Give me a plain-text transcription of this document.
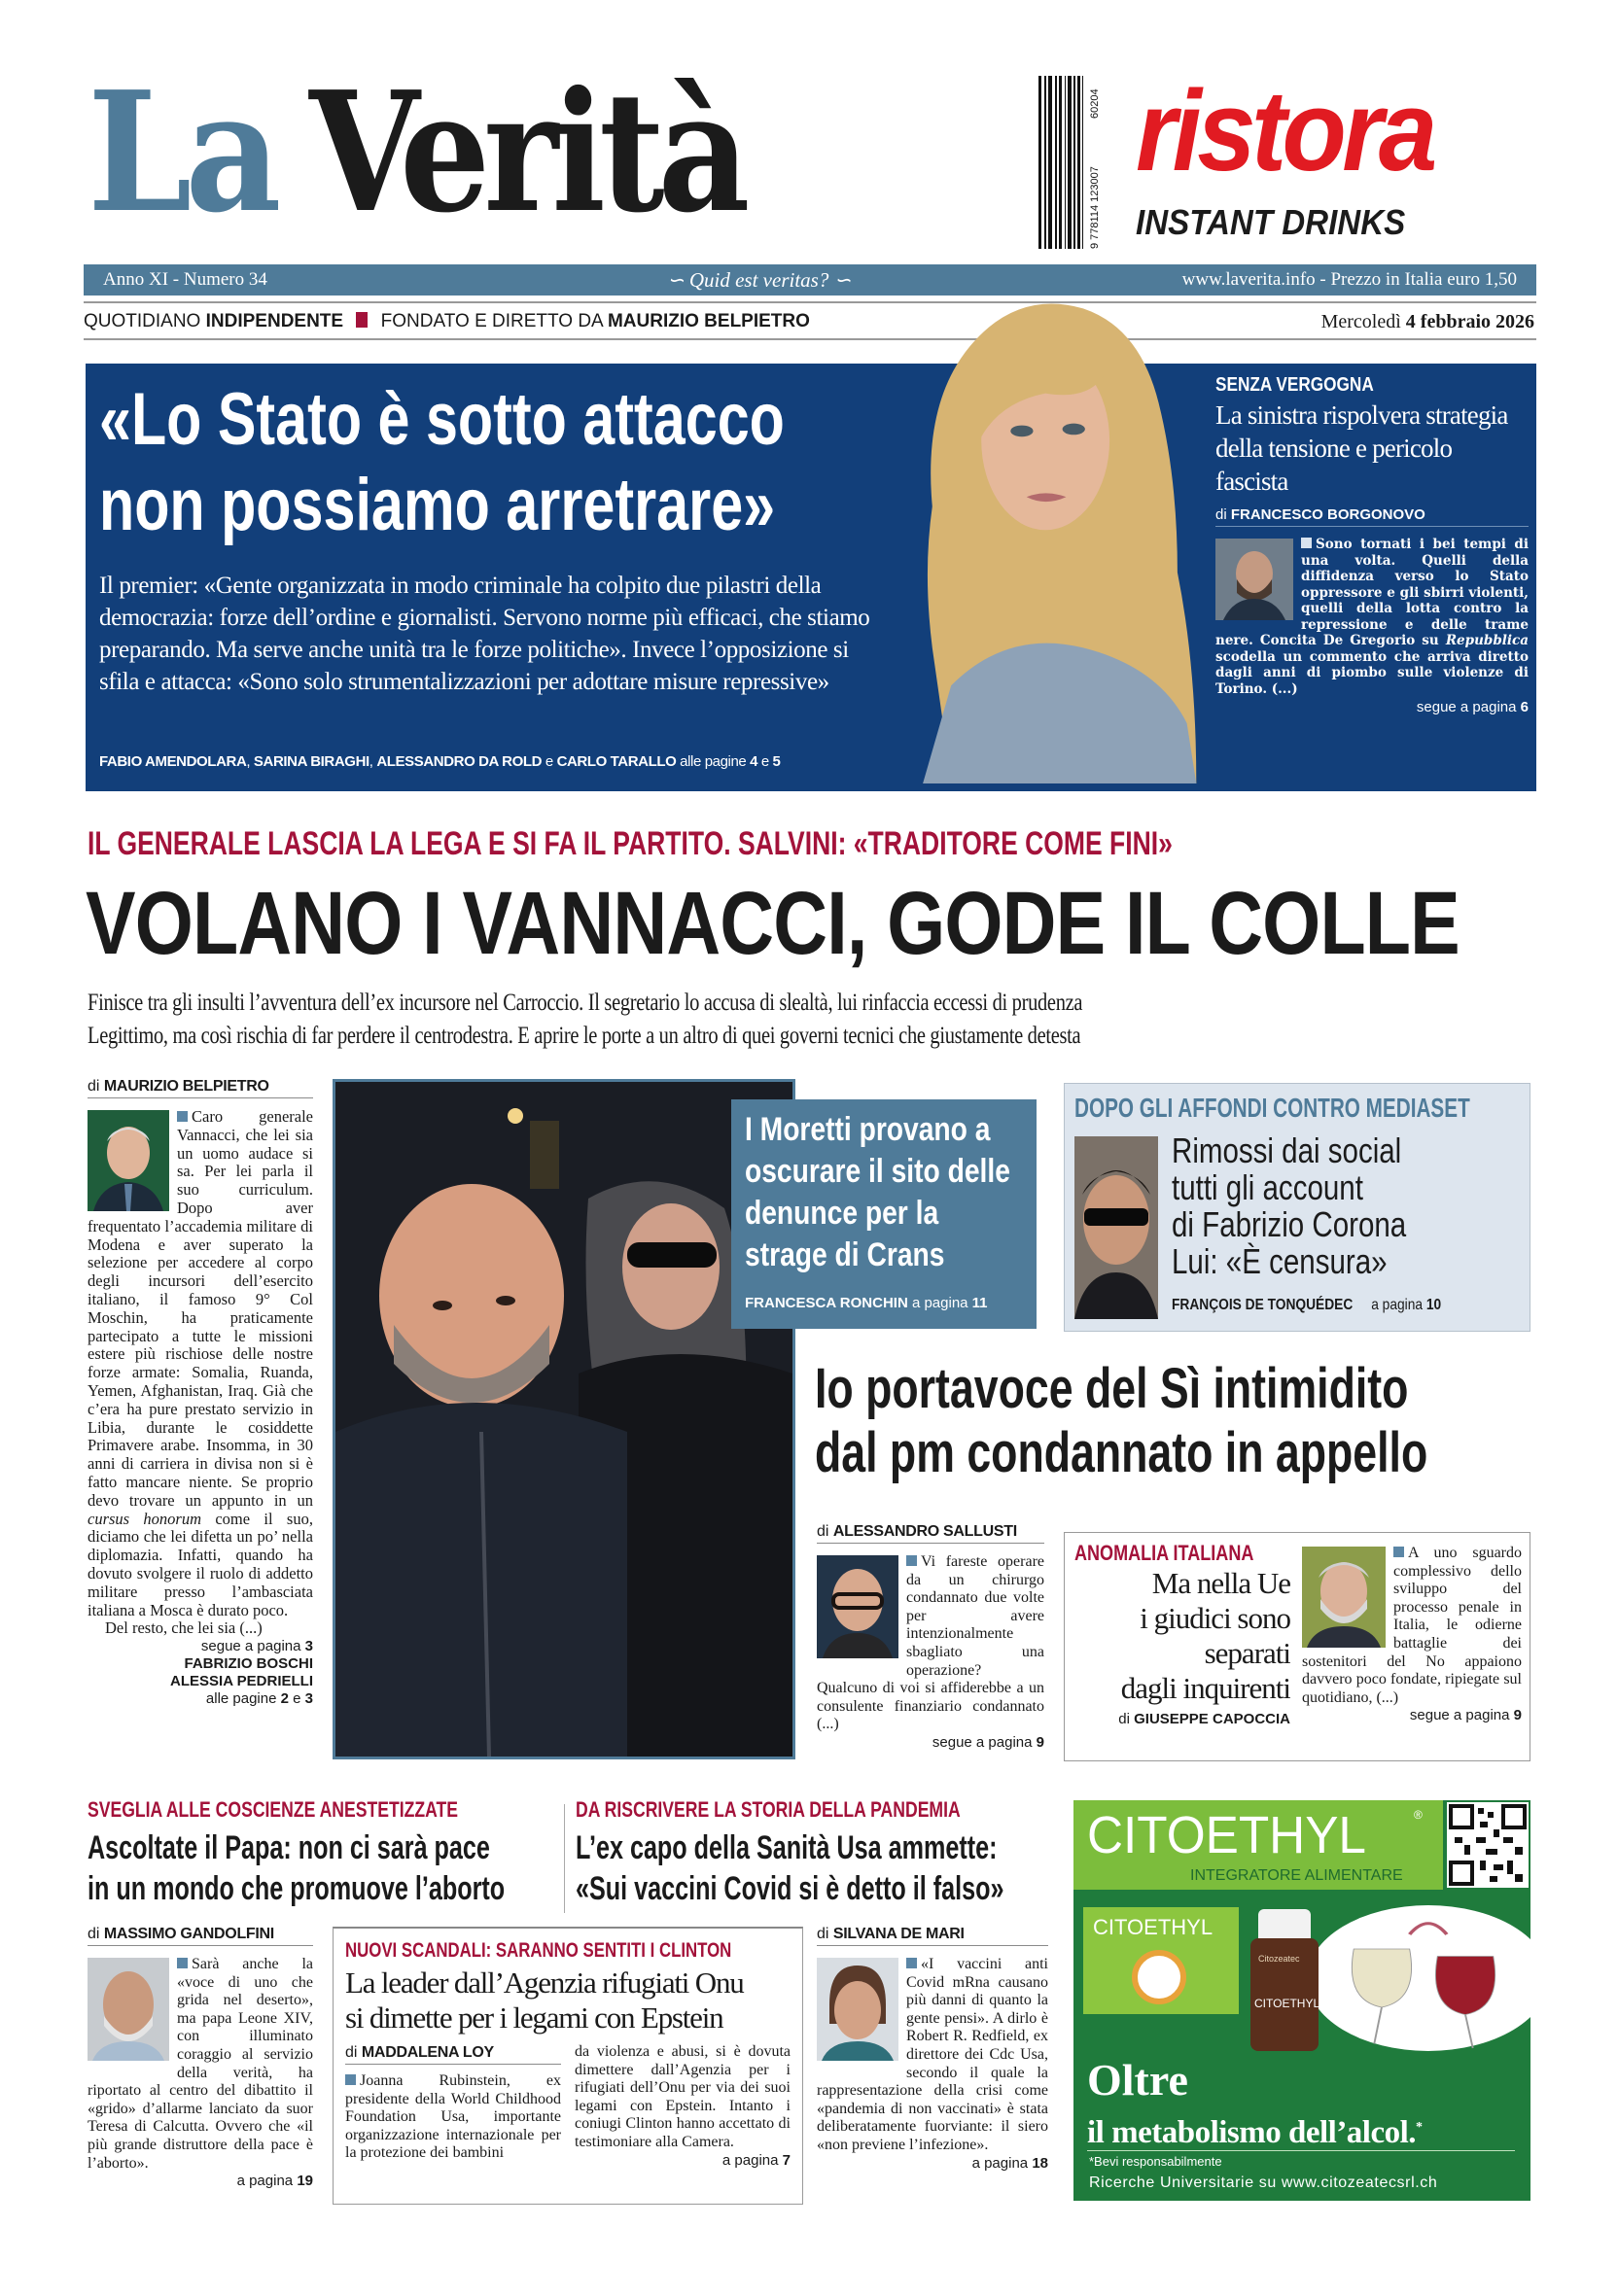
La Verità	9 778114 123007
60204 ristora
INSTANT DRINKS
Anno XI - Numero 34	∽ Quid est veritas? ∽	www.laverita.info - Prezzo in Italia euro 1,50
QUOTIDIANO INDIPENDENTE FONDATO E DIRETTO DA MAURIZIO BELPIETRO	Mercoledì 4 febbraio 2026
«Lo Stato è sotto attacco
non possiamo arretrare»
Il premier: «Gente organizzata in modo criminale ha colpito due pilastri della democrazia: forze dell’ordine e giornalisti. Servono norme più efficaci, che stiamo preparando. Ma serve anche unità tra le forze politiche». Invece l’opposizione si sfila e attacca: «Sono solo strumentalizzazioni per adottare misure repressive»
FABIO AMENDOLARA, SARINA BIRAGHI, ALESSANDRO DA ROLD e CARLO TARALLO alle pagine 4 e 5
SENZA VERGOGNA
La sinistra rispolvera strategia della tensione e pericolo fascista
di FRANCESCO BORGONOVO
Sono tornati i bei tempi di una volta. Quelli della diffidenza verso lo Stato oppressore e gli sbirri violenti, quelli della lotta contro la repressione e delle trame nere. Concita De Gregorio su Repubblica scodella un commento che arriva diretto dagli anni di piombo sulle violenze di Torino. (...)
segue a pagina 6
IL GENERALE LASCIA LA LEGA E SI FA IL PARTITO. SALVINI: «TRADITORE COME FINI»
VOLANO I VANNACCI, GODE IL COLLE
Finisce tra gli insulti l’avventura dell’ex incursore nel Carroccio. Il segretario lo accusa di slealtà, lui rinfaccia eccessi di prudenza
Legittimo, ma così rischia di far perdere il centrodestra. E aprire le porte a un altro di quei governi tecnici che giustamente detesta
di MAURIZIO BELPIETRO
Caro generale Vannacci, che lei sia un uomo audace si sa. Per lei parla il suo curriculum. Dopo aver frequentato l’accademia militare di Modena e aver superato la selezione per accedere al corpo degli incursori dell’esercito italiano, il famoso 9° Col Moschin, ha praticamente partecipato a tutte le missioni estere più rischiose delle nostre forze armate: Somalia, Ruanda, Yemen, Afghanistan, Iraq. Già che c’era ha pure prestato servizio in Libia, durante le cosiddette Primavere arabe. Insomma, in 30 anni di carriera in divisa non si è fatto mancare niente. Se proprio devo trovare un appunto in un cursus honorum come il suo, diciamo che lei difetta un po’ nella diplomazia. Infatti, quando ha dovuto svolgere il ruolo di addetto militare presso l’ambasciata italiana a Mosca è durato poco.
Del resto, che lei sia (...)
segue a pagina 3
FABRIZIO BOSCHI
ALESSIA PEDRIELLI
alle pagine 2 e 3
I Moretti provano a oscurare il sito delle denunce per la strage di Crans
FRANCESCA RONCHIN a pagina 11
DOPO GLI AFFONDI CONTRO MEDIASET
Rimossi dai social
tutti gli account
di Fabrizio Corona
Lui: «È censura»
FRANÇOIS DE TONQUÉDEC a pagina 10
Io portavoce del Sì intimidito
dal pm condannato in appello
di ALESSANDRO SALLUSTI
Vi fareste operare da un chirurgo condannato due volte per avere intenzionalmente sbagliato una operazione? Qualcuno di voi si affiderebbe a un consulente finanziario condannato (...)
segue a pagina 9
ANOMALIA ITALIANA
Ma nella Ue
i giudici sono
separati
dagli inquirenti
di GIUSEPPE CAPOCCIA
A uno sguardo complessivo dello sviluppo del processo penale in Italia, le odierne battaglie dei sostenitori del No appaiono davvero poco fondate, ripiegate sul quotidiano, (...)
segue a pagina 9
SVEGLIA ALLE COSCIENZE ANESTETIZZATE
Ascoltate il Papa: non ci sarà pace
in un mondo che promuove l’aborto
DA RISCRIVERE LA STORIA DELLA PANDEMIA
L’ex capo della Sanità Usa ammette:
«Sui vaccini Covid si è detto il falso»
di MASSIMO GANDOLFINI
Sarà anche la «voce di uno che grida nel deserto», ma papa Leone XIV, con illuminato coraggio al servizio della verità, ha riportato al centro del dibattito il «grido» d’allarme lanciato da suor Teresa di Calcutta. Ovvero che «il più grande distruttore della pace è l’aborto».
a pagina 19
NUOVI SCANDALI: SARANNO SENTITI I CLINTON
La leader dall’Agenzia rifugiati Onu
si dimette per i legami con Epstein
di MADDALENA LOY
Joanna Rubinstein, ex presidente della World Childhood Foundation Usa, importante organizzazione internazionale per la protezione dei bambini
da violenza e abusi, si è dovuta dimettere dall’Agenzia per i rifugiati dell’Onu per via dei suoi legami con Epstein. Intanto i coniugi Clinton hanno accettato di testimoniare alla Camera.
a pagina 7
di SILVANA DE MARI
«I vaccini anti Covid mRna causano più danni di quanto la gente pensi». A dirlo è Robert R. Redfield, ex direttore dei Cdc Usa, secondo il quale la rappresentazione della crisi come «pandemia di non vaccinati» è stata deliberatamente fuorviante: il siero «non previene l’infezione».
a pagina 18
CITOETHYL	®
INTEGRATORE ALIMENTARE
CITOETHYL
Citozeatec
CITOETHYL
Oltre
il metabolismo dell’alcol.*
*Bevi responsabilmente
Ricerche Universitarie su www.citozeatecsrl.ch
